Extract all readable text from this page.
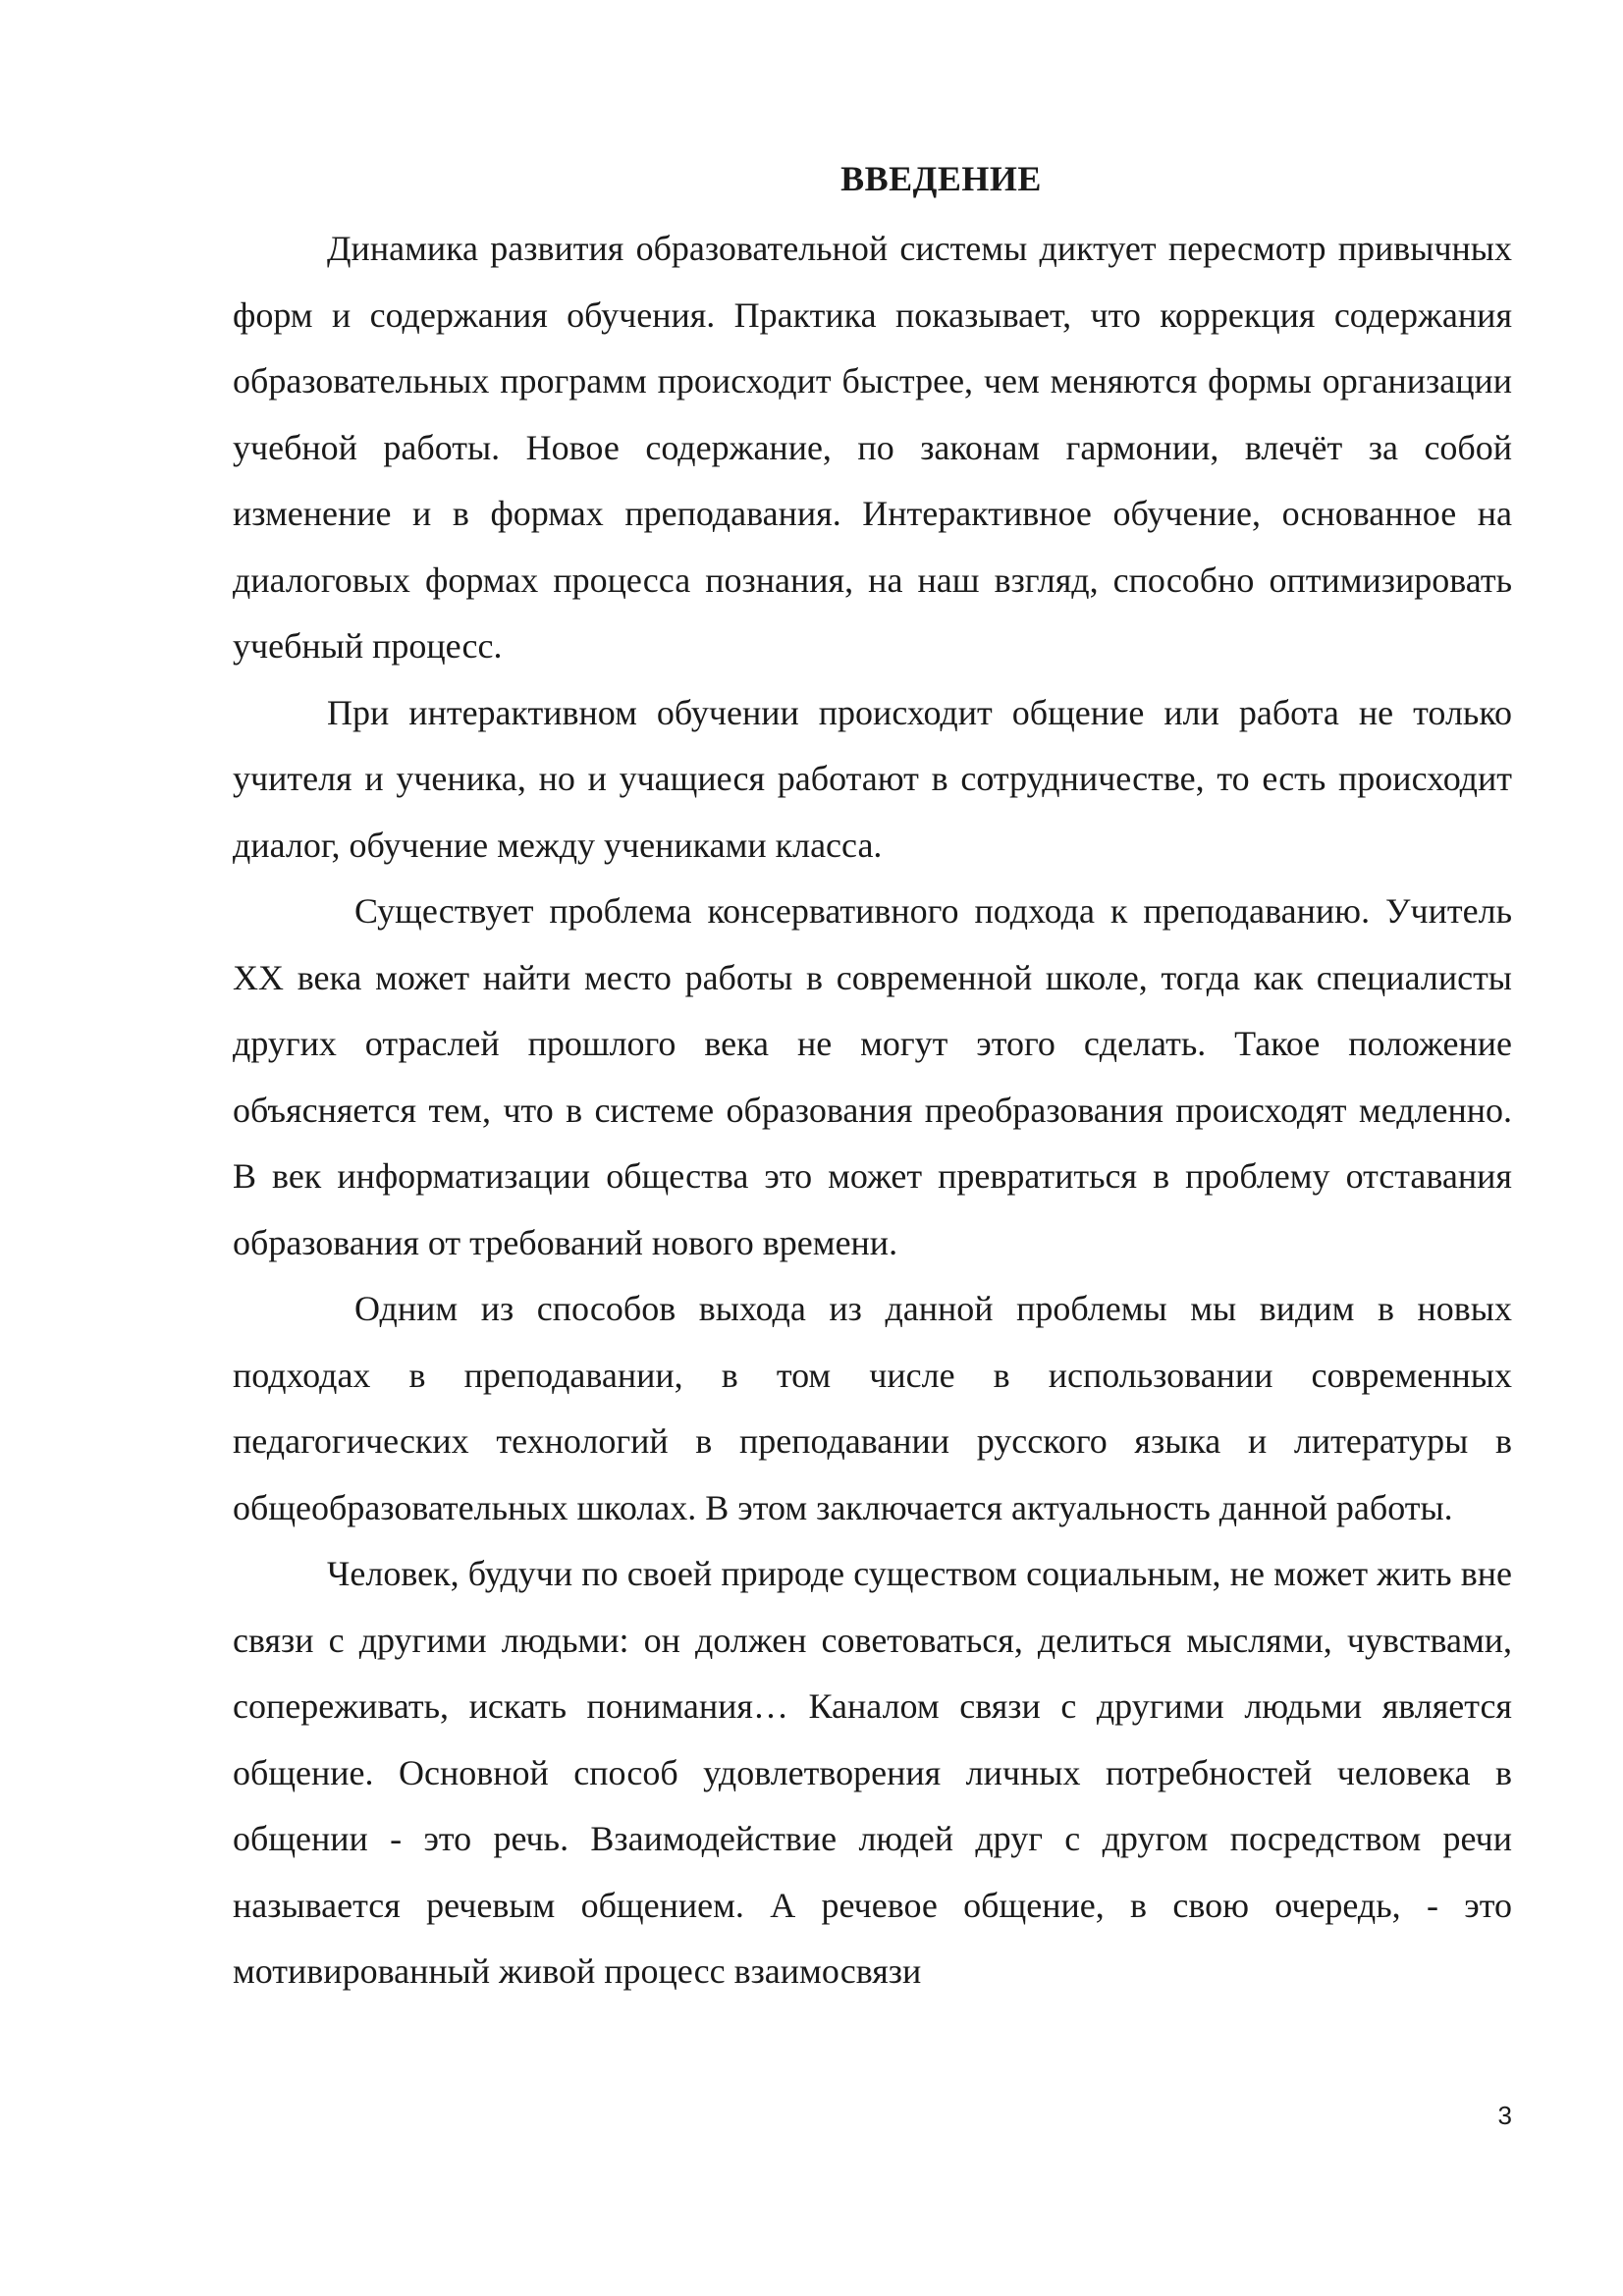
ВВЕДЕНИЕ

Динамика развития образовательной системы диктует пересмотр привычных форм и содержания обучения. Практика показывает, что коррекция содержания образовательных программ происходит быстрее, чем меняются формы организации учебной работы. Новое содержание, по законам гармонии, влечёт за собой изменение и в формах преподавания. Интерактивное обучение, основанное на диалоговых формах процесса познания, на наш взгляд, способно оптимизировать учебный процесс.

При интерактивном обучении происходит общение или работа не только учителя и ученика, но и учащиеся работают в сотрудничестве, то есть происходит диалог, обучение между учениками класса.

Существует проблема консервативного подхода к преподаванию. Учитель ХХ века может найти место работы в современной школе, тогда как специалисты других отраслей прошлого века не могут этого сделать. Такое положение объясняется тем, что в системе образования преобразования происходят медленно. В век информатизации общества это может превратиться в проблему отставания образования от требований нового времени.

Одним из способов выхода из данной проблемы мы видим в новых подходах в преподавании, в том числе в использовании современных педагогических технологий в преподавании русского языка и литературы в общеобразовательных школах. В этом заключается актуальность данной работы.

Человек, будучи по своей природе существом социальным, не может жить вне связи с другими людьми: он должен советоваться, делиться мыслями, чувствами, сопереживать, искать понимания… Каналом связи с другими людьми является общение. Основной способ удовлетворения личных потребностей человека в общении - это речь. Взаимодействие людей друг с другом посредством речи называется речевым общением. А речевое общение, в свою очередь, - это мотивированный живой процесс взаимосвязи

3
